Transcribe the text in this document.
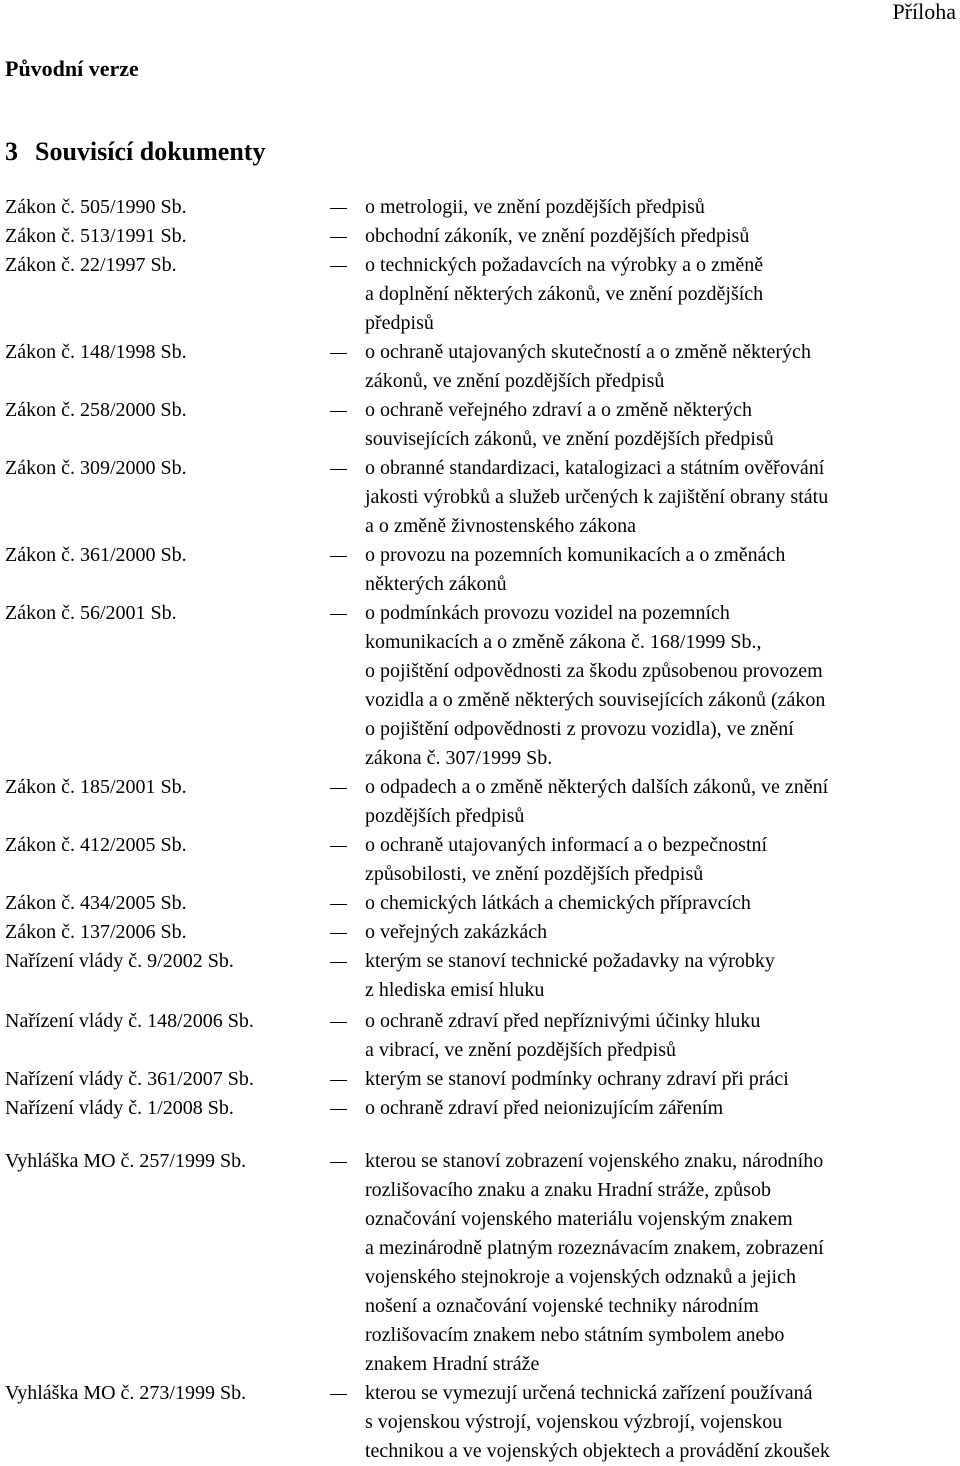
Příloha
Původní verze
3 Souvisící dokumenty
Zákon č. 505/1990 Sb.	o metrologii, ve znění pozdějších předpisů
Zákon č. 513/1991 Sb.	obchodní zákoník, ve znění pozdějších předpisů
Zákon č. 22/1997 Sb.	o technických požadavcích na výrobky a o změně
a doplnění některých zákonů, ve znění pozdějších
předpisů
Zákon č. 148/1998 Sb.	o ochraně utajovaných skutečností a o změně některých
zákonů, ve znění pozdějších předpisů
Zákon č. 258/2000 Sb.	o ochraně veřejného zdraví a o změně některých
souvisejících zákonů, ve znění pozdějších předpisů
Zákon č. 309/2000 Sb.	o obranné standardizaci, katalogizaci a státním ověřování
jakosti výrobků a služeb určených k zajištění obrany státu
a o změně živnostenského zákona
Zákon č. 361/2000 Sb.	o provozu na pozemních komunikacích a o změnách
některých zákonů
Zákon č. 56/2001 Sb.	o podmínkách provozu vozidel na pozemních
komunikacích a o změně zákona č. 168/1999 Sb.,
o pojištění odpovědnosti za škodu způsobenou provozem
vozidla a o změně některých souvisejících zákonů (zákon
o pojištění odpovědnosti z provozu vozidla), ve znění
zákona č. 307/1999 Sb.
Zákon č. 185/2001 Sb.	o odpadech a o změně některých dalších zákonů, ve znění
pozdějších předpisů
Zákon č. 412/2005 Sb.	o ochraně utajovaných informací a o bezpečnostní
způsobilosti, ve znění pozdějších předpisů
Zákon č. 434/2005 Sb.	o chemických látkách a chemických přípravcích
Zákon č. 137/2006 Sb.	o veřejných zakázkách
Nařízení vlády č. 9/2002 Sb.	kterým se stanoví technické požadavky na výrobky
z hlediska emisí hluku
Nařízení vlády č. 148/2006 Sb.	o ochraně zdraví před nepříznivými účinky hluku
a vibrací, ve znění pozdějších předpisů
Nařízení vlády č. 361/2007 Sb.	kterým se stanoví podmínky ochrany zdraví při práci
Nařízení vlády č. 1/2008 Sb.	o ochraně zdraví před neionizujícím zářením
Vyhláška MO č. 257/1999 Sb.	kterou se stanoví zobrazení vojenského znaku, národního
rozlišovacího znaku a znaku Hradní stráže, způsob
označování vojenského materiálu vojenským znakem
a mezinárodně platným rozeznávacím znakem, zobrazení
vojenského stejnokroje a vojenských odznaků a jejich
nošení a označování vojenské techniky národním
rozlišovacím znakem nebo státním symbolem anebo
znakem Hradní stráže
Vyhláška MO č. 273/1999 Sb.	kterou se vymezují určená technická zařízení používaná
s vojenskou výstrojí, vojenskou výzbrojí, vojenskou
technikou a ve vojenských objektech a provádění zkoušek
